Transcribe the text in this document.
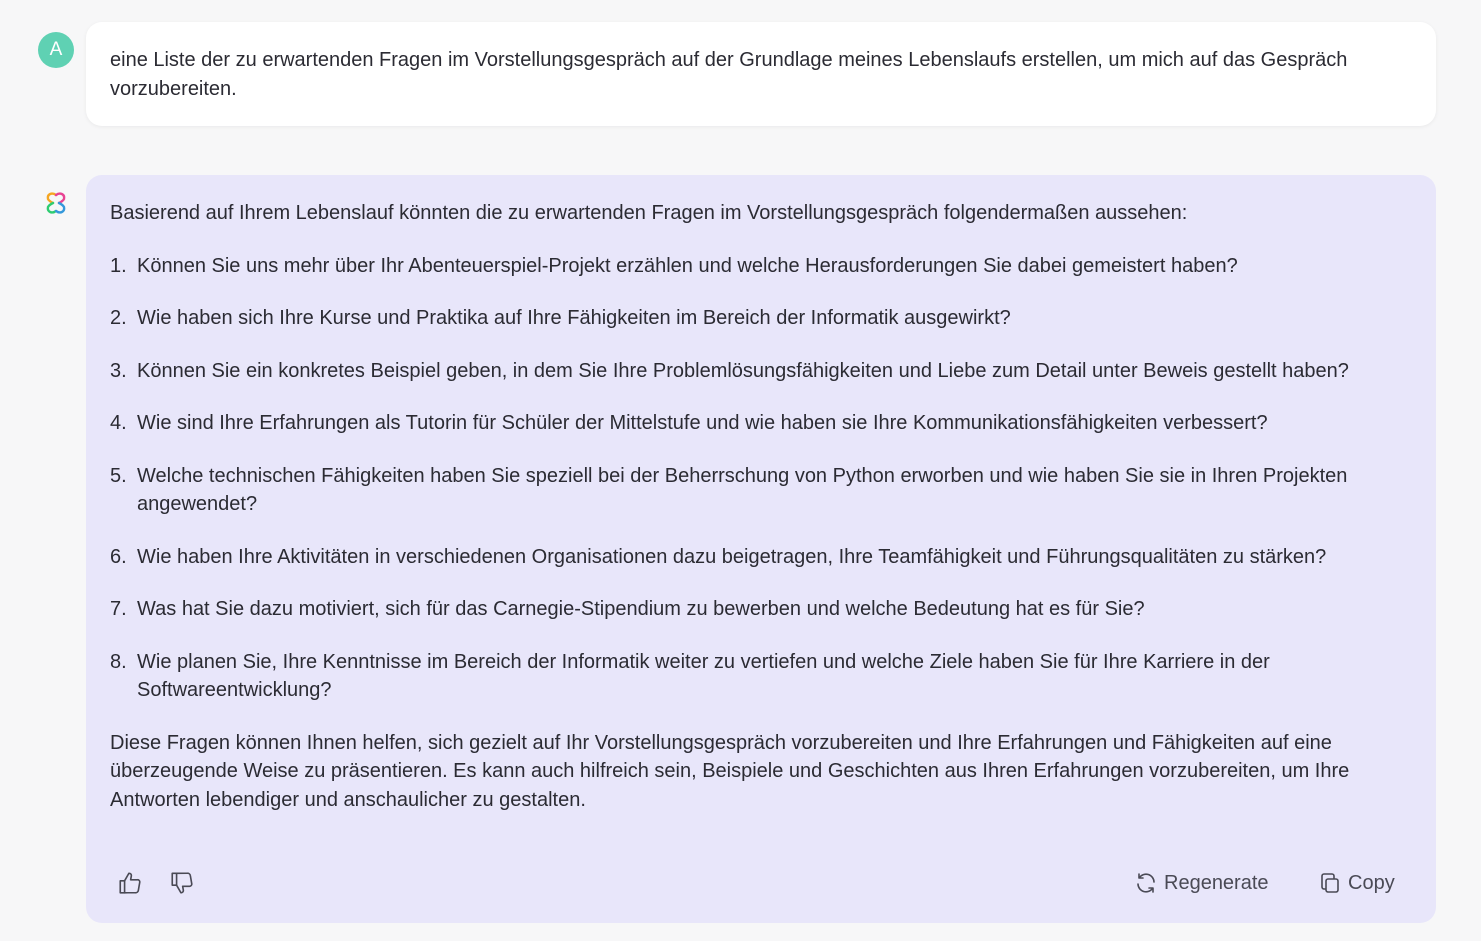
A	eine Liste der zu erwartenden Fragen im Vorstellungsgespräch auf der Grundlage meines Lebenslaufs erstellen, um mich auf das Gespräch vorzubereiten.

Basierend auf Ihrem Lebenslauf könnten die zu erwartenden Fragen im Vorstellungsgespräch folgendermaßen aussehen:

1. Können Sie uns mehr über Ihr Abenteuerspiel-Projekt erzählen und welche Herausforderungen Sie dabei gemeistert haben?
2. Wie haben sich Ihre Kurse und Praktika auf Ihre Fähigkeiten im Bereich der Informatik ausgewirkt?
3. Können Sie ein konkretes Beispiel geben, in dem Sie Ihre Problemlösungsfähigkeiten und Liebe zum Detail unter Beweis gestellt haben?
4. Wie sind Ihre Erfahrungen als Tutorin für Schüler der Mittelstufe und wie haben sie Ihre Kommunikationsfähigkeiten verbessert?
5. Welche technischen Fähigkeiten haben Sie speziell bei der Beherrschung von Python erworben und wie haben Sie sie in Ihren Projekten angewendet?
6. Wie haben Ihre Aktivitäten in verschiedenen Organisationen dazu beigetragen, Ihre Teamfähigkeit und Führungsqualitäten zu stärken?
7. Was hat Sie dazu motiviert, sich für das Carnegie-Stipendium zu bewerben und welche Bedeutung hat es für Sie?
8. Wie planen Sie, Ihre Kenntnisse im Bereich der Informatik weiter zu vertiefen und welche Ziele haben Sie für Ihre Karriere in der Softwareentwicklung?

Diese Fragen können Ihnen helfen, sich gezielt auf Ihr Vorstellungsgespräch vorzubereiten und Ihre Erfahrungen und Fähigkeiten auf eine überzeugende Weise zu präsentieren. Es kann auch hilfreich sein, Beispiele und Geschichten aus Ihren Erfahrungen vorzubereiten, um Ihre Antworten lebendiger und anschaulicher zu gestalten.

Regenerate	Copy
